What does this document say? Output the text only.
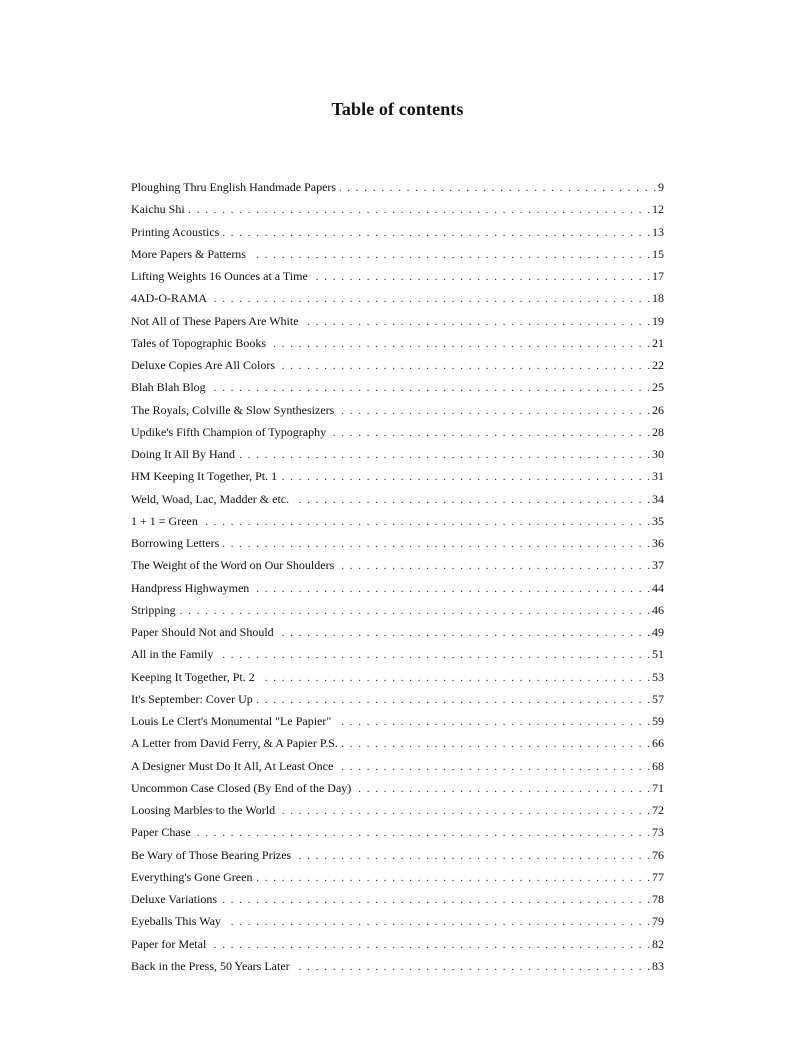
Table of contents
Ploughing Thru English Handmade Papers . . .	9
Kaichu Shi . . .	12
Printing Acoustics . . .	13
More Papers & Patterns . . .	15
Lifting Weights 16 Ounces at a Time . . .	17
4AD-O-RAMA . . .	18
Not All of These Papers Are White . . .	19
Tales of Topographic Books . . .	21
Deluxe Copies Are All Colors . . .	22
Blah Blah Blog . . .	25
The Royals, Colville & Slow Synthesizers . . .	26
Updike's Fifth Champion of Typography . . .	28
Doing It All By Hand . . .	30
HM Keeping It Together, Pt. 1 . . .	31
Weld, Woad, Lac, Madder & etc. . . .	34
1 + 1 = Green . . .	35
Borrowing Letters . . .	36
The Weight of the Word on Our Shoulders . . .	37
Handpress Highwaymen . . .	44
Stripping . . .	46
Paper Should Not and Should . . .	49
All in the Family . . .	51
Keeping It Together, Pt. 2 . . .	53
It's September: Cover Up . . .	57
Louis Le Clert's Monumental "Le Papier" . . .	59
A Letter from David Ferry, & A Papier P.S. . . .	66
A Designer Must Do It All, At Least Once . . .	68
Uncommon Case Closed (By End of the Day) . . .	71
Loosing Marbles to the World . . .	72
Paper Chase . . .	73
Be Wary of Those Bearing Prizes . . .	76
Everything's Gone Green . . .	77
Deluxe Variations . . .	78
Eyeballs This Way . . .	79
Paper for Metal . . .	82
Back in the Press, 50 Years Later . . .	83
